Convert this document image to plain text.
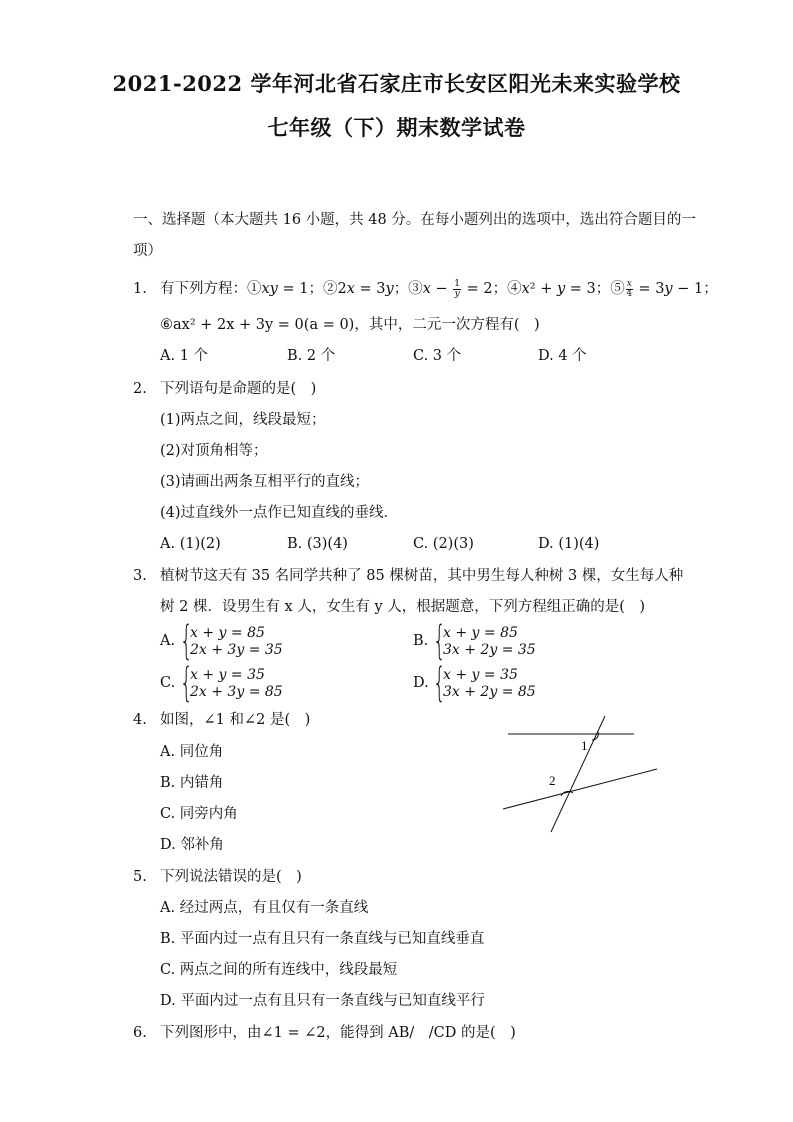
2021-2022 学年河北省石家庄市长安区阳光未来实验学校
七年级（下）期末数学试卷
一、选择题（本大题共 16 小题，共 48 分。在每小题列出的选项中，选出符合题目的一
项）
1. 有下列方程：①xy = 1；②2x = 3y；③x − $\frac{1}{y} = 2$；④x² + y = 3；⑤ $\frac{x}{4} = 3y - 1$；
⑥ax² + 2x + 3y = 0(a = 0)，其中，二元一次方程有(　)
A. 1 个	B. 2 个	C. 3 个	D. 4 个
2. 下列语句是命题的是(　)
(1)两点之间，线段最短；
(2)对顶角相等；
(3)请画出两条互相平行的直线；
(4)过直线外一点作已知直线的垂线．
A. (1)(2)	B. (3)(4)	C. (2)(3)	D. (1)(4)
3. 植树节这天有 35 名同学共种了 85 棵树苗，其中男生每人种树 3 棵，女生每人种
树 2 棵．设男生有 x 人，女生有 y 人，根据题意，下列方程组正确的是(　)
A. {
x + y = 85
2x + 3y = 35
B. {
x + y = 85
3x + 2y = 35
C. {
x + y = 35
2x + 3y = 85
D. {
x + y = 35
3x + 2y = 85
4. 如图，∠1 和∠2 是(　)
A. 同位角
B. 内错角
C. 同旁内角
D. 邻补角
1
2
5. 下列说法错误的是(　)
A. 经过两点，有且仅有一条直线
B. 平面内过一点有且只有一条直线与已知直线垂直
C. 两点之间的所有连线中，线段最短
D. 平面内过一点有且只有一条直线与已知直线平行
6. 下列图形中，由∠1 = ∠2，能得到 AB/　/CD 的是(　)
